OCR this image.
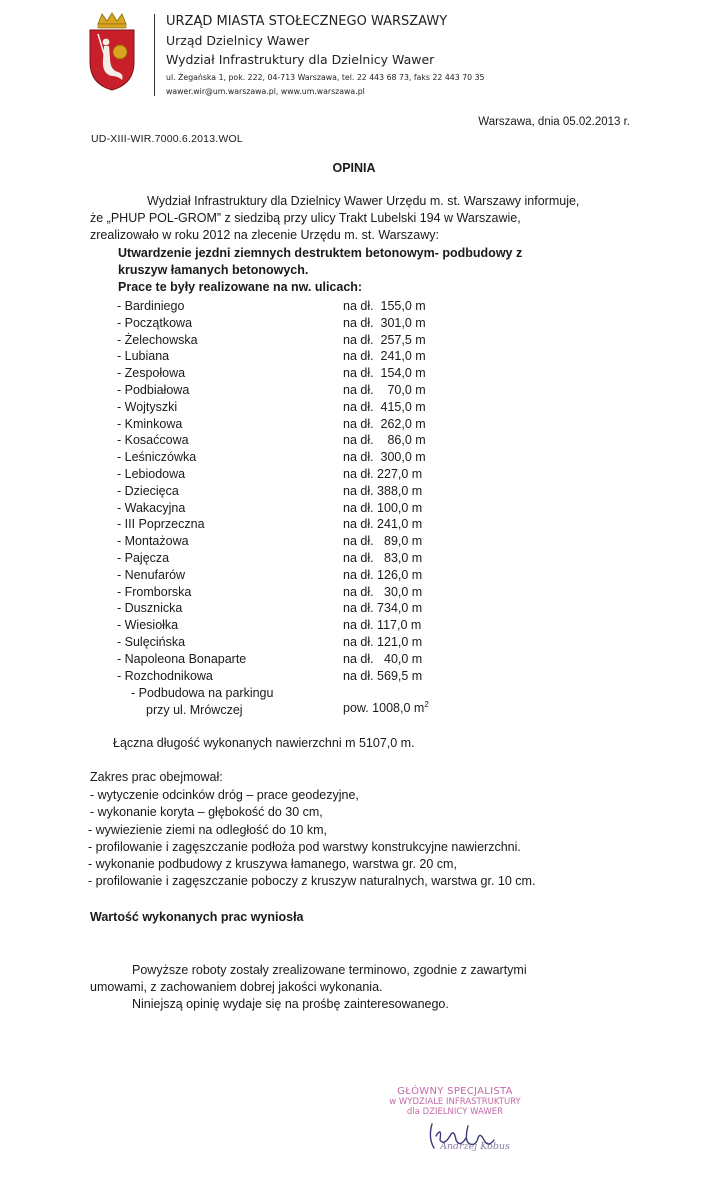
URZĄD MIASTA STOŁECZNEGO WARSZAWY
Urząd Dzielnicy Wawer
Wydział Infrastruktury dla Dzielnicy Wawer
ul. Żegańska 1, pok. 222, 04-713 Warszawa, tel. 22 443 68 73, faks 22 443 70 35
wawer.wir@um.warszawa.pl, www.um.warszawa.pl
Warszawa, dnia 05.02.2013 r.
UD-XIII-WIR.7000.6.2013.WOL
OPINIA
Wydział Infrastruktury dla Dzielnicy Wawer Urzędu m. st. Warszawy informuje,
że „PHUP POL-GROM” z siedzibą przy ulicy Trakt Lubelski 194 w Warszawie,
zrealizowało w roku 2012 na zlecenie Urzędu m. st. Warszawy:
Utwardzenie jezdni ziemnych destruktem betonowym- podbudowy z
kruszyw łamanych betonowych.
Prace te były realizowane na nw. ulicach:
- Bardiniego	na dł.  155,0 m
- Początkowa	na dł.  301,0 m
- Żelechowska	na dł.  257,5 m
- Lubiana	na dł.  241,0 m
- Zespołowa	na dł.  154,0 m
- Podbiałowa	na dł.    70,0 m
- Wojtyszki	na dł.  415,0 m
- Kminkowa	na dł.  262,0 m
- Kosaćcowa	na dł.    86,0 m
- Leśniczówka	na dł.  300,0 m
- Lebiodowa	na dł. 227,0 m
- Dziecięca	na dł. 388,0 m
- Wakacyjna	na dł. 100,0 m
- III Poprzeczna	na dł. 241,0 m
- Montażowa	na dł.   89,0 m
- Pajęcza	na dł.   83,0 m
- Nenufarów	na dł. 126,0 m
- Fromborska	na dł.   30,0 m
- Dusznicka	na dł. 734,0 m
- Wiesiołka	na dł. 117,0 m
- Sulęcińska	na dł. 121,0 m
- Napoleona Bonaparte	na dł.   40,0 m
- Rozchodnikowa	na dł. 569,5 m
- Podbudowa na parkingu
przy ul. Mrówczej	pow. 1008,0 $m^2$
Łączna długość wykonanych nawierzchni m 5107,0 m.
Zakres prac obejmował:
- wytyczenie odcinków dróg – prace geodezyjne,
- wykonanie koryta – głębokość do 30 cm,
- wywiezienie ziemi na odległość do 10 km,
- profilowanie i zagęszczanie podłoża pod warstwy konstrukcyjne nawierzchni.
- wykonanie podbudowy z kruszywa łamanego, warstwa gr. 20 cm,
- profilowanie i zagęszczanie poboczy z kruszyw naturalnych, warstwa gr. 10 cm.
Wartość wykonanych prac wyniosła
Powyższe roboty zostały zrealizowane terminowo, zgodnie z zawartymi
umowami, z zachowaniem dobrej jakości wykonania.
Niniejszą opinię wydaje się na prośbę zainteresowanego.
GŁÓWNY SPECJALISTA
w WYDZIALE INFRASTRUKTURY
dla DZIELNICY WAWER
Andrzej Kobus
